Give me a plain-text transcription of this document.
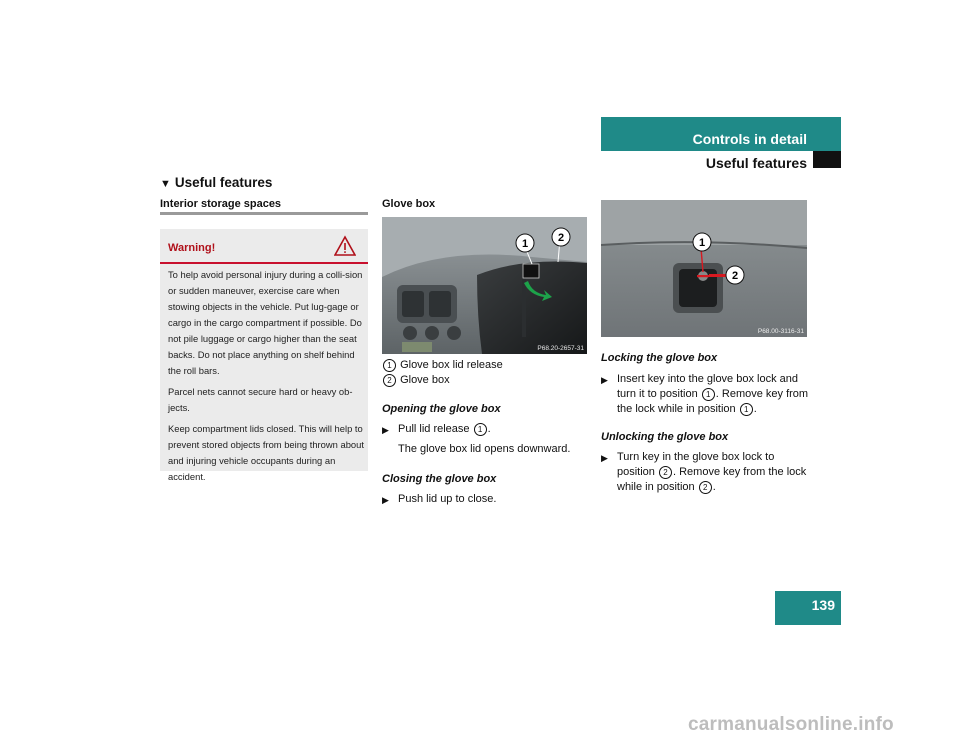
Controls in detail
Useful features
▼ Useful features
Interior storage spaces
Warning!

To help avoid personal injury during a colli-sion or sudden maneuver, exercise care when stowing objects in the vehicle. Put lug-gage or cargo in the cargo compartment if possible. Do not pile luggage or cargo higher than the seat backs. Do not place anything on shelf behind the roll bars.

Parcel nets cannot secure hard or heavy ob-jects.

Keep compartment lids closed. This will help to prevent stored objects from being thrown about and injuring vehicle occupants during an accident.

Glove box
1	2
P68.20-2657-31
1 Glove box lid release
2 Glove box
Opening the glove box
▶ Pull lid release 1 .
The glove box lid opens downward.
Closing the glove box
▶ Push lid up to close.
1
2
P68.00-3116-31
Locking the glove box
▶ Insert key into the glove box lock and turn it to position 1 . Remove key from the lock while in position 1 .
Unlocking the glove box
▶ Turn key in the glove box lock to position 2 . Remove key from the lock while in position 2 .
139
carmanualsonline.info
